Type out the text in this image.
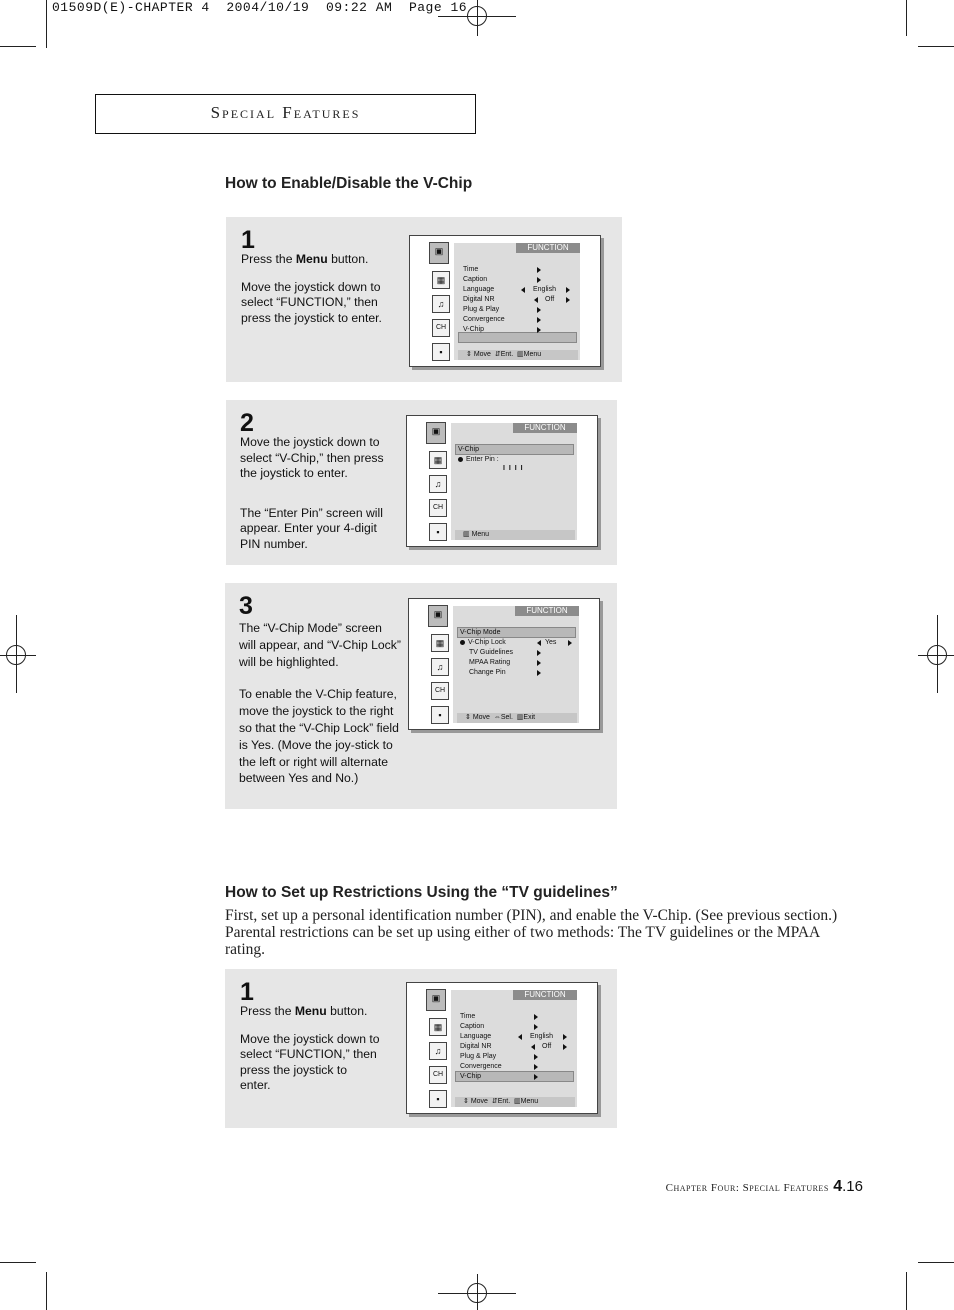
01509D(E)-CHAPTER 4  2004/10/19  09:22 AM  Page 16
Special Features
How to Enable/Disable the V-Chip
1

Press the Menu button.

Move the joystick down to select “FUNCTION,” then press the joystick to enter.

▣
▦
♫
CH
▪
FUNCTION
Time
Caption
Language
Digital NR
Plug & Play
Convergence
V-Chip
English
Off
⇕ Move  ⇵Ent.  ▥Menu
2

Move the joystick down to select “V-Chip,” then press the joystick to enter.

The “Enter Pin” screen will appear. Enter your 4-digit PIN number.

▣
▦
♫
CH
▪
FUNCTION
V-Chip
Enter Pin :
I I I I
▥ Menu
3

The “V-Chip Mode” screen will appear, and “V-Chip Lock” will be highlighted.

To enable the V-Chip feature, move the joystick to the right so that the “V-Chip Lock” field is Yes. (Move the joy-stick to the left or right will alternate between Yes and No.)

▣
▦
♫
CH
▪
FUNCTION
V-Chip Mode
V-Chip Lock	Yes
TV Guidelines
MPAA Rating
Change Pin
⇕ Move  ⇔Sel.  ▥Exit
How to Set up Restrictions Using the “TV guidelines”
First, set up a personal identification number (PIN), and enable the V-Chip. (See previous section.) Parental restrictions can be set up using either of two methods: The TV guidelines or the MPAA rating.
1

Press the Menu button.

Move the joystick down to select “FUNCTION,” then press the joystick to enter.

▣
▦
♫
CH
▪
FUNCTION
Time
Caption
Language
Digital NR
Plug & Play
Convergence
V-Chip
English
Off
⇕ Move  ⇵Ent.  ▥Menu
Chapter Four: Special Features 4.16
